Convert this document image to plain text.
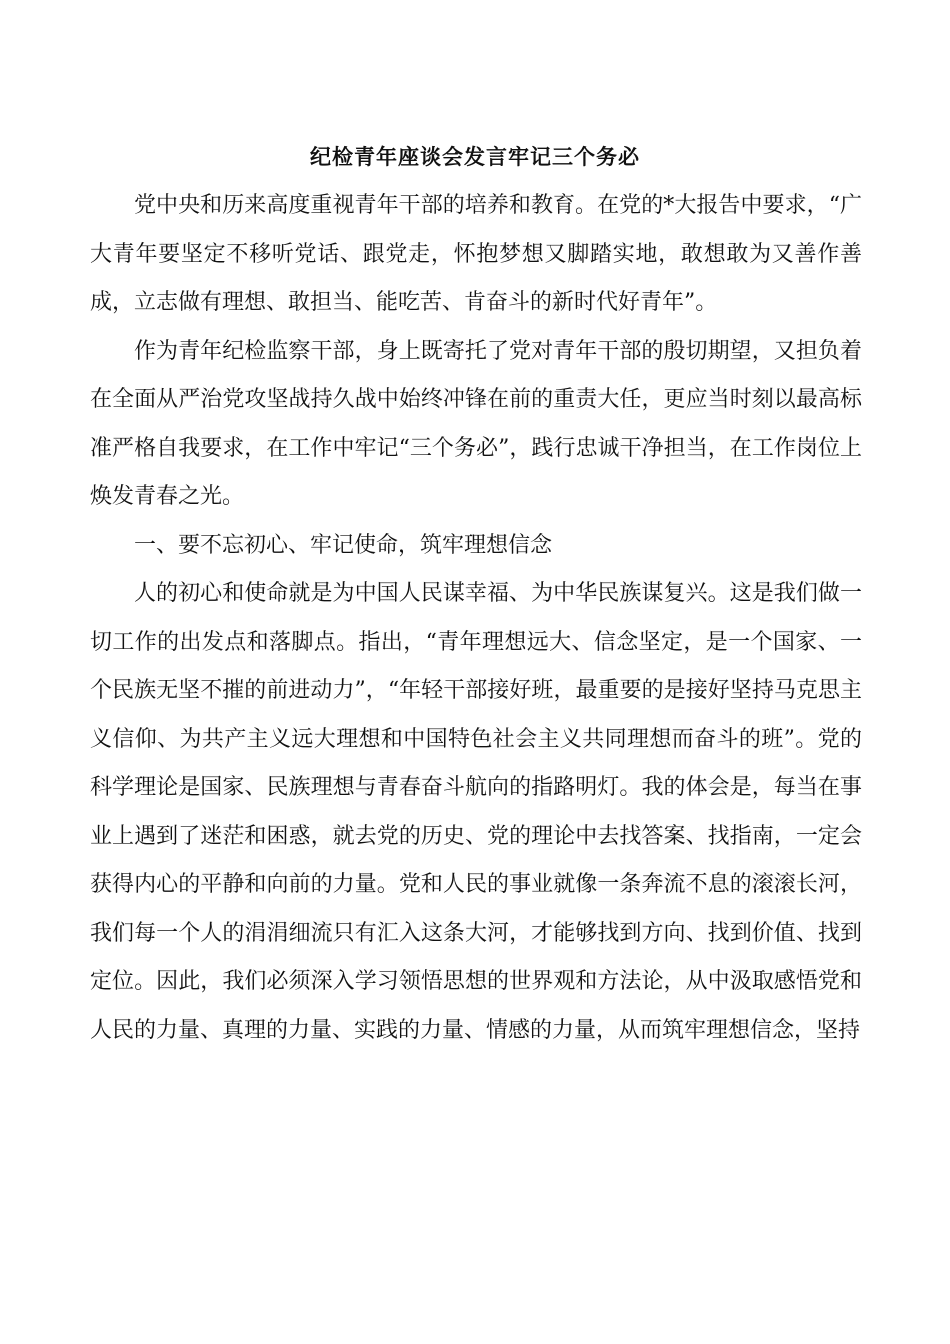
纪检青年座谈会发言牢记三个务必

党中央和历来高度重视青年干部的培养和教育。在党的*大报告中要求，“广大青年要坚定不移听党话、跟党走，怀抱梦想又脚踏实地，敢想敢为又善作善成，立志做有理想、敢担当、能吃苦、肯奋斗的新时代好青年”。

作为青年纪检监察干部，身上既寄托了党对青年干部的殷切期望，又担负着在全面从严治党攻坚战持久战中始终冲锋在前的重责大任，更应当时刻以最高标准严格自我要求，在工作中牢记“三个务必”，践行忠诚干净担当，在工作岗位上焕发青春之光。

一、要不忘初心、牢记使命，筑牢理想信念

人的初心和使命就是为中国人民谋幸福、为中华民族谋复兴。这是我们做一切工作的出发点和落脚点。指出，“青年理想远大、信念坚定，是一个国家、一个民族无坚不摧的前进动力”，“年轻干部接好班，最重要的是接好坚持马克思主义信仰、为共产主义远大理想和中国特色社会主义共同理想而奋斗的班”。党的科学理论是国家、民族理想与青春奋斗航向的指路明灯。我的体会是，每当在事业上遇到了迷茫和困惑，就去党的历史、党的理论中去找答案、找指南，一定会获得内心的平静和向前的力量。党和人民的事业就像一条奔流不息的滚滚长河，我们每一个人的涓涓细流只有汇入这条大河，才能够找到方向、找到价值、找到定位。因此，我们必须深入学习领悟思想的世界观和方法论，从中汲取感悟党和人民的力量、真理的力量、实践的力量、情感的力量，从而筑牢理想信念，坚持
